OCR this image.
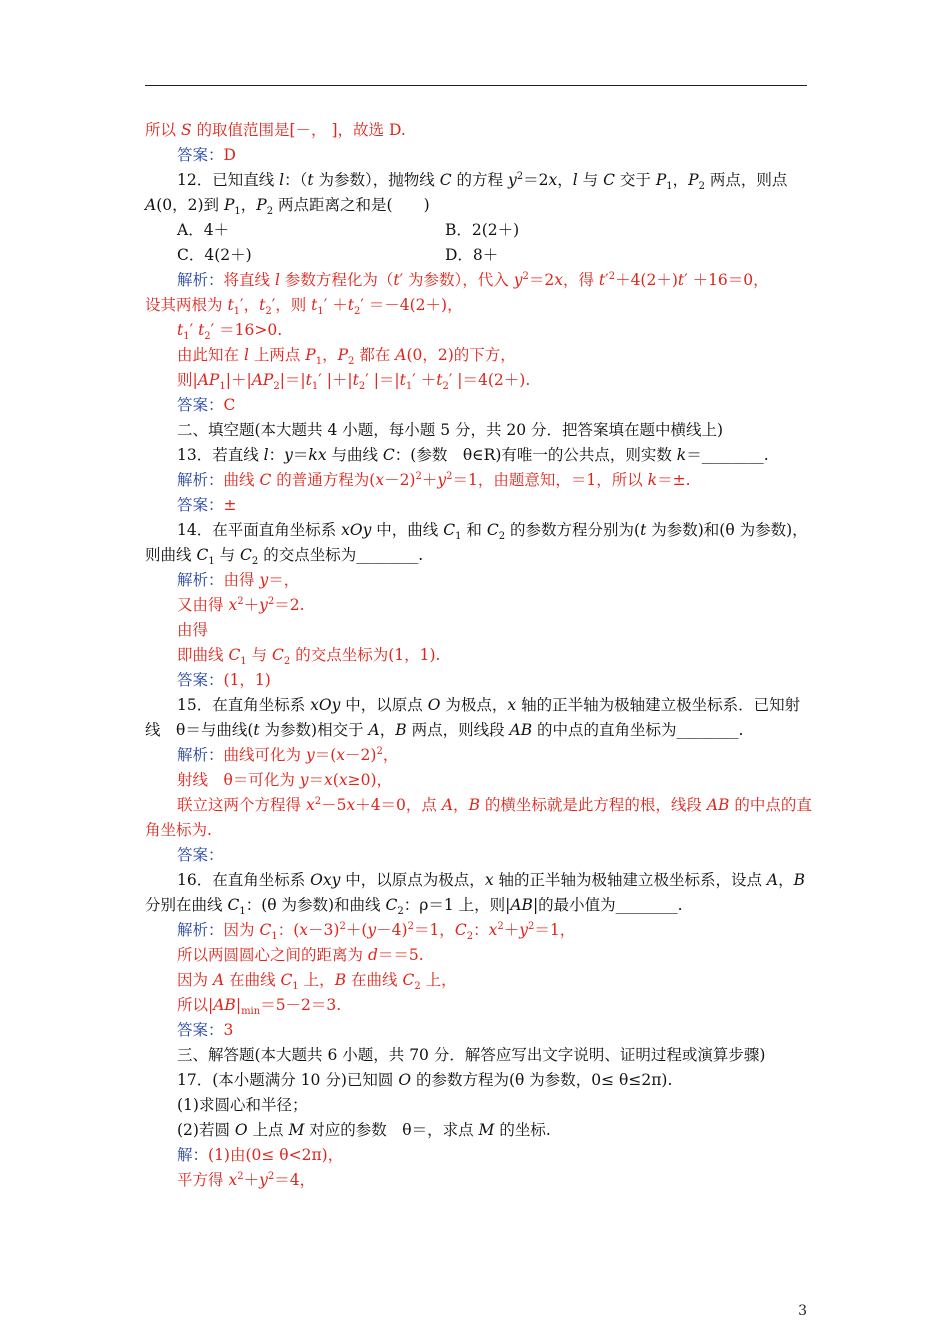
所以 S 的取值范围是[－， ]，故选 D.
答案：D
12．已知直线 l：（t 为参数），抛物线 C 的方程 $y^2=2x$，l 与 C 交于 $P_1$，$P_2$ 两点，则点
A(0，2)到 $P_1$，$P_2$ 两点距离之和是(　　)
A．4＋	B．2(2＋)
C．4(2＋)	D．8＋
解析：将直线 l 参数方程化为（t′ 为参数），代入 $y^2=2x$，得 $t'^2+4(2+)t' +16=0$，
设其两根为 $t_1'$，$t_2'$，则 $t_1' +t_2' =-4(2+)$，
$t_1'$ $t_2' =16>0$.
由此知在 l 上两点 $P_1$，$P_2$ 都在 A(0，2)的下方，
则$|AP_1|+|AP_2|=|t_1'$ $|+|t_2'$ $|=|t_1' +t_2'$ |＝4(2＋).
答案：C
二、填空题(本大题共 4 小题，每小题 5 分，共 20 分．把答案填在题中横线上)
13．若直线 l：y＝kx 与曲线 C：(参数　θ∈R)有唯一的公共点，则实数 k＝________.
解析：曲线 C 的普通方程为$(x-2)^2+y^2=1$，由题意知，＝1，所以 k＝±.
答案：±
14．在平面直角坐标系 xOy 中，曲线 $C_1$ 和 $C_2$ 的参数方程分别为(t 为参数)和(θ 为参数)，
则曲线 $C_1$ 与 $C_2$ 的交点坐标为________.
解析：由得 y＝，
又由得 $x^2+y^2=2$.
由得
即曲线 $C_1$ 与 $C_2$ 的交点坐标为(1，1).
答案：(1，1)
15．在直角坐标系 xOy 中，以原点 O 为极点，x 轴的正半轴为极轴建立极坐标系．已知射
线　θ＝与曲线(t 为参数)相交于 A，B 两点，则线段 AB 的中点的直角坐标为________.
解析：曲线可化为 $y=(x-2)^2$，
射线　θ＝可化为 y＝x(x≥0)，
联立这两个方程得 $x^2-5x+4=0$，点 A，B 的横坐标就是此方程的根，线段 AB 的中点的直
角坐标为.
答案：
16．在直角坐标系 Oxy 中，以原点为极点，x 轴的正半轴为极轴建立极坐标系，设点 A，B
分别在曲线 $C_1$：(θ 为参数)和曲线 $C_2$：ρ＝1 上，则|AB|的最小值为________.
解析：因为 $C_1$：$(x-3)^2+(y-4)^2=1$，$C_2$：$x^2+y^2=1$，
所以两圆圆心之间的距离为 d＝＝5.
因为 A 在曲线 $C_1$ 上，B 在曲线 $C_2$ 上，
所以$|AB|_{min}=5-2=3$.
答案：3
三、解答题(本大题共 6 小题，共 70 分．解答应写出文字说明、证明过程或演算步骤)
17．(本小题满分 10 分)已知圆 O 的参数方程为(θ 为参数，0≤ θ≤2π).
(1)求圆心和半径；
(2)若圆 O 上点 M 对应的参数　θ＝，求点 M 的坐标.
解：(1)由(0≤ θ<2π)，
平方得 $x^2+y^2=4$，
3
